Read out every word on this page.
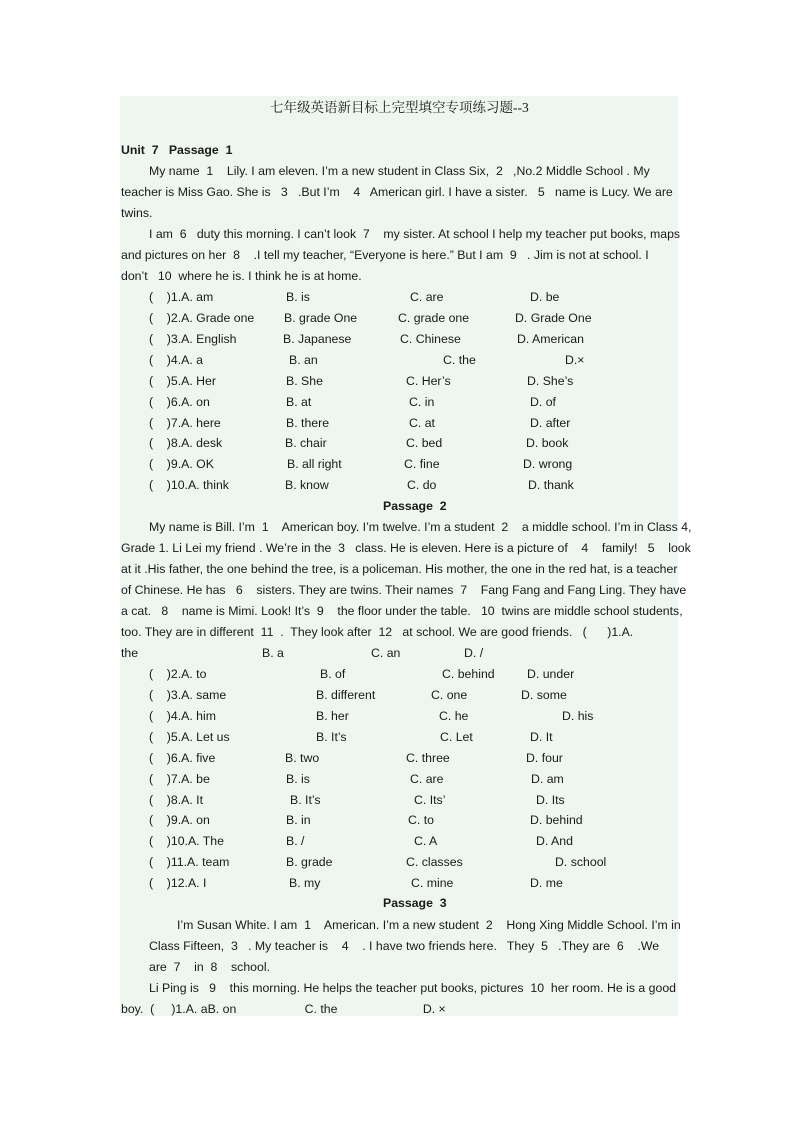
七年级英语新目标上完型填空专项练习题--3
Unit  7   Passage  1
My name  1    Lily. I am eleven. I’m a new student in Class Six,  2   ,No.2 Middle School . My
teacher is Miss Gao. She is   3   .But I’m    4   American girl. I have a sister.   5   name is Lucy. We are
twins.
I am  6   duty this morning. I can’t look  7    my sister. At school I help my teacher put books, maps
and pictures on her  8    .I tell my teacher, “Everyone is here.” But I am  9   . Jim is not at school. I
don’t   10  where he is. I think he is at home.
(    )1.A. am	B. is	C. are	D. be
(    )2.A. Grade one B. grade One	C. grade one	D. Grade One
(    )3.A. English	B. Japanese	C. Chinese	D. American
(    )4.A. a	B. an	C. the	D.×
(    )5.A. Her	B. She	C. Her’s	D. She’s
(    )6.A. on	B. at	C. in	D. of
(    )7.A. here	B. there	C. at	D. after
(    )8.A. desk	B. chair	C. bed	D. book
(    )9.A. OK	B. all right	C. fine	D. wrong
(    )10.A. think	B. know	C. do	D. thank
Passage  2
My name is Bill. I’m  1    American boy. I’m twelve. I’m a student  2    a middle school. I’m in Class 4,
Grade 1. Li Lei my friend . We’re in the  3   class. He is eleven. Here is a picture of    4    family!   5    look
at it .His father, the one behind the tree, is a policeman. His mother, the one in the red hat, is a teacher
of Chinese. He has   6    sisters. They are twins. Their names  7    Fang Fang and Fang Ling. They have
a cat.   8    name is Mimi. Look! It’s  9    the floor under the table.   10  twins are middle school students,
too. They are in different  11  .  They look after  12   at school. We are good friends.   (      )1.A.
the	B. a	C. an	D. /
(    )2.A. to	B. of	C. behind	D. under
(    )3.A. same	B. different	C. one	D. some
(    )4.A. him	B. her	C. he	D. his
(    )5.A. Let us	B. It’s	C. Let	D. It
(    )6.A. five	B. two	C. three	D. four
(    )7.A. be	B. is	C. are	D. am
(    )8.A. It	B. It’s	C. Its’	D. Its
(    )9.A. on	B. in	C. to	D. behind
(    )10.A. The	B. /	C. A	D. And
(    )11.A. team	B. grade	C. classes	D. school
(    )12.A. I	B. my	C. mine	D. me
Passage  3
I’m Susan White. I am  1    American. I’m a new student  2    Hong Xing Middle School. I’m in
Class Fifteen,  3   . My teacher is    4    . I have two friends here.   They  5   .They are  6    .We
are  7    in  8    school.
Li Ping is   9    this morning. He helps the teacher put books, pictures  10  her room. He is a good
boy.  (     )1.A. aB. on                    C. the                         D. ×
